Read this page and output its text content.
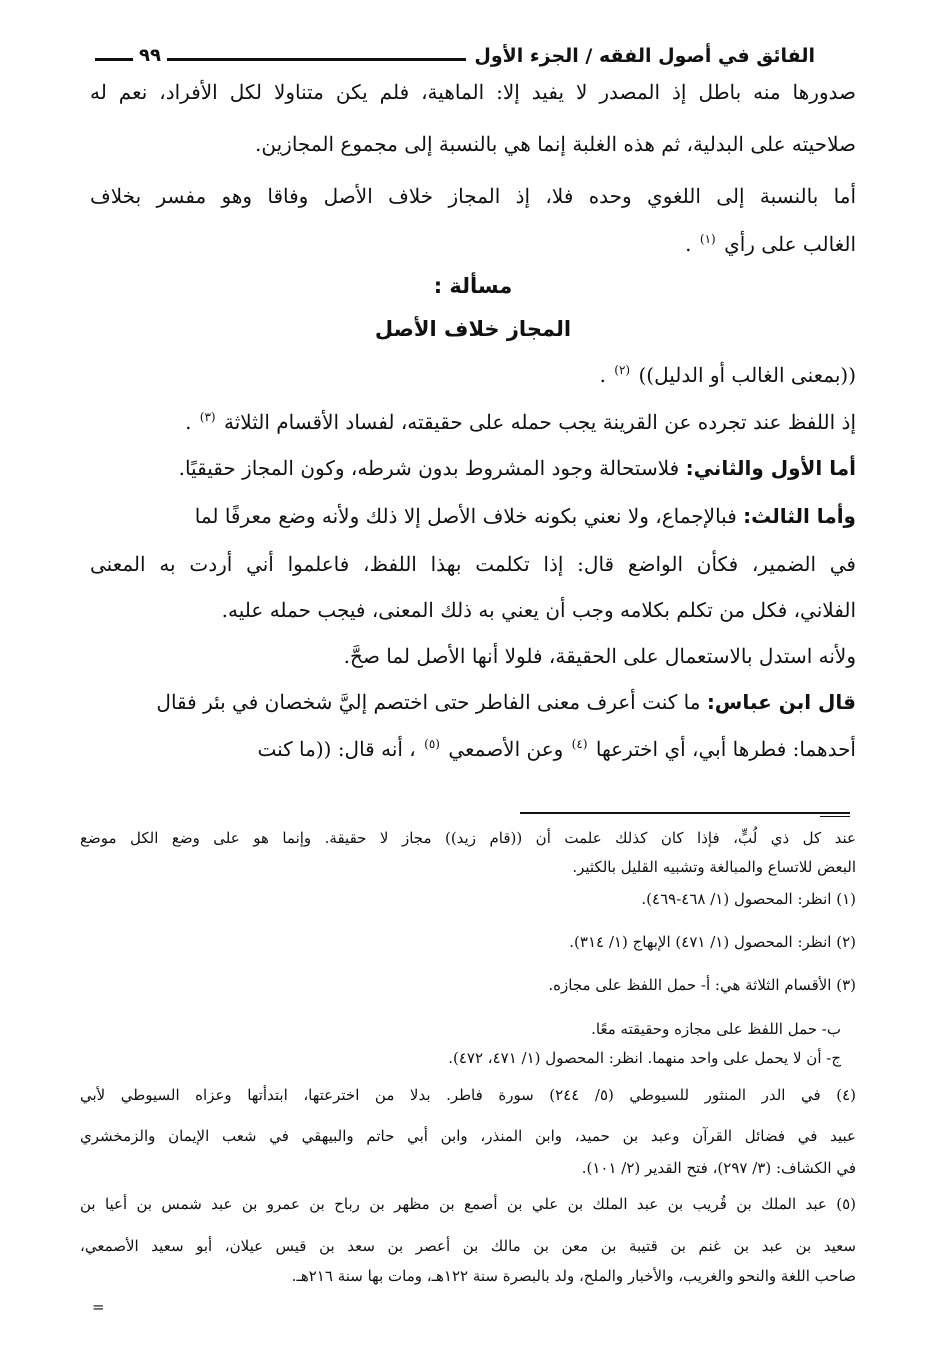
الفائق في أصول الفقه / الجزء الأول
٩٩
صدورها منه باطل إذ المصدر لا يفيد إلا: الماهية، فلم يكن متناولا لكل الأفراد، نعم له
صلاحيته على البدلية، ثم هذه الغلبة إنما هي بالنسبة إلى مجموع المجازين.
أما بالنسبة إلى اللغوي وحده فلا، إذ المجاز خلاف الأصل وفاقا وهو مفسر بخلاف
الغالب على رأي $^{(١)}$ .
مسألة :
المجاز خلاف الأصل
((بمعنى الغالب أو الدليل)) $^{(٢)}$ .
إذ اللفظ عند تجرده عن القرينة يجب حمله على حقيقته، لفساد الأقسام الثلاثة $^{(٣)}$ .
أما الأول والثاني: فلاستحالة وجود المشروط بدون شرطه، وكون المجاز حقيقيًا.
وأما الثالث: فبالإجماع، ولا نعني بكونه خلاف الأصل إلا ذلك ولأنه وضع معرفًا لما
في الضمير، فكأن الواضع قال: إذا تكلمت بهذا اللفظ، فاعلموا أني أردت به المعنى
الفلاني، فكل من تكلم بكلامه وجب أن يعني به ذلك المعنى، فيجب حمله عليه.
ولأنه استدل بالاستعمال على الحقيقة، فلولا أنها الأصل لما صحَّ.
قال ابن عباس: ما كنت أعرف معنى الفاطر حتى اختصم إليَّ شخصان في بئر فقال
أحدهما: فطرها أبي، أي اخترعها $^{(٤)}$ وعن الأصمعي $^{(٥)}$ ، أنه قال: ((ما كنت
عند كل ذي لُبٍّ، فإذا كان كذلك علمت أن ((قام زيد)) مجاز لا حقيقة. وإنما هو على وضع الكل موضع
البعض للاتساع والمبالغة وتشبيه القليل بالكثير.
(١) انظر: المحصول (١/ ٤٦٨-٤٦٩).
(٢) انظر: المحصول (١/ ٤٧١) الإبهاج (١/ ٣١٤).
(٣) الأقسام الثلاثة هي: أ- حمل اللفظ على مجازه.
ب- حمل اللفظ على مجازه وحقيقته معًا.
ج- أن لا يحمل على واحد منهما. انظر: المحصول (١/ ٤٧١، ٤٧٢).
(٤) في الدر المنثور للسيوطي (٥/ ٢٤٤) سورة فاطر. بدلا من اخترعتها، ابتدأتها وعزاه السيوطي لأبي
عبيد في فضائل القرآن وعبد بن حميد، وابن المنذر، وابن أبي حاتم والبيهقي في شعب الإيمان والزمخشري
في الكشاف: (٣/ ٢٩٧)، فتح القدير (٢/ ١٠١).
(٥) عبد الملك بن قُريب بن عبد الملك بن علي بن أصمع بن مظهر بن رباح بن عمرو بن عبد شمس بن أعيا بن
سعيد بن عبد بن غنم بن قتيبة بن معن بن مالك بن أعصر بن سعد بن قيس عيلان، أبو سعيد الأصمعي،
صاحب اللغة والنحو والغريب، والأخبار والملح، ولد بالبصرة سنة ١٢٢هـ، ومات بها سنة ٢١٦هـ.
=
